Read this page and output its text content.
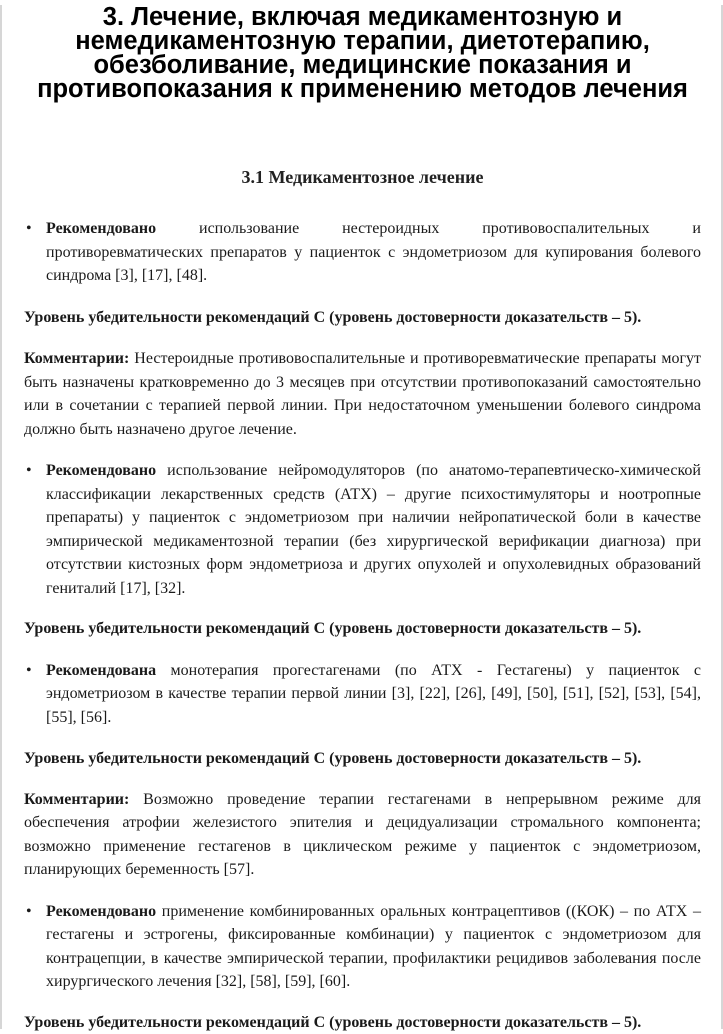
3. Лечение, включая медикаментозную и немедикаментозную терапии, диетотерапию, обезболивание, медицинские показания и противопоказания к применению методов лечения
3.1 Медикаментозное лечение
• Рекомендовано использование нестероидных противовоспалительных и противоревматических препаратов у пациенток с эндометриозом для купирования болевого синдрома [3], [17], [48].

Уровень убедительности рекомендаций C (уровень достоверности доказательств – 5).

Комментарии: Нестероидные противовоспалительные и противоревматические препараты могут быть назначены кратковременно до 3 месяцев при отсутствии противопоказаний самостоятельно или в сочетании с терапией первой линии. При недостаточном уменьшении болевого синдрома должно быть назначено другое лечение.

• Рекомендовано использование нейромодуляторов (по анатомо-терапевтическо-химической классификации лекарственных средств (АТХ) – другие психостимуляторы и ноотропные препараты) у пациенток с эндометриозом при наличии нейропатической боли в качестве эмпирической медикаментозной терапии (без хирургической верификации диагноза) при отсутствии кистозных форм эндометриоза и других опухолей и опухолевидных образований гениталий [17], [32].

Уровень убедительности рекомендаций C (уровень достоверности доказательств – 5).

• Рекомендована монотерапия прогестагенами (по АТХ - Гестагены) у пациенток с эндометриозом в качестве терапии первой линии [3], [22], [26], [49], [50], [51], [52], [53], [54], [55], [56].

Уровень убедительности рекомендаций C (уровень достоверности доказательств – 5).

Комментарии: Возможно проведение терапии гестагенами в непрерывном режиме для обеспечения атрофии железистого эпителия и децидуализации стромального компонента; возможно применение гестагенов в циклическом режиме у пациенток с эндометриозом, планирующих беременность [57].

• Рекомендовано применение комбинированных оральных контрацептивов ((КОК) – по АТХ – гестагены и эстрогены, фиксированные комбинации) у пациенток с эндометриозом для контрацепции, в качестве эмпирической терапии, профилактики рецидивов заболевания после хирургического лечения [32], [58], [59], [60].

Уровень убедительности рекомендаций C (уровень достоверности доказательств – 5).
